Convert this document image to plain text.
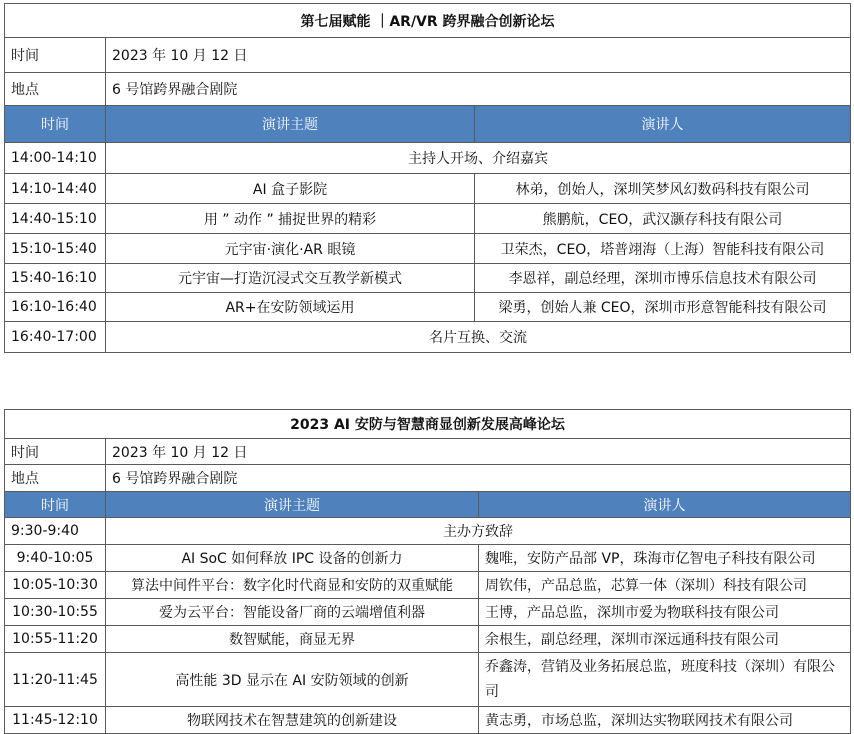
第七届赋能 ｜AR/VR 跨界融合创新论坛		
时间	2023 年 10 月 12 日	
地点	6 号馆跨界融合剧院	
时间	演讲主题	演讲人
14:00-14:10	主持人开场、介绍嘉宾	
14:10-14:40	AI 盒子影院	林弟，创始人，深圳笑梦风幻数码科技有限公司
14:40-15:10	用 ” 动作 ” 捕捉世界的精彩	熊鹏航，CEO，武汉灏存科技有限公司
15:10-15:40	元宇宙·演化·AR 眼镜	卫荣杰，CEO，塔普翊海（上海）智能科技有限公司
15:40-16:10	元宇宙—打造沉浸式交互教学新模式	李恩祥，副总经理，深圳市博乐信息技术有限公司
16:10-16:40	AR+在安防领域运用	梁勇，创始人兼 CEO，深圳市形意智能科技有限公司
16:40-17:00	名片互换、交流	
2023 AI 安防与智慧商显创新发展高峰论坛		
时间	2023 年 10 月 12 日	
地点	6 号馆跨界融合剧院	
时间	演讲主题	演讲人
9:30-9:40	主办方致辞	
9:40-10:05	AI SoC 如何释放 IPC 设备的创新力	魏唯，安防产品部 VP，珠海市亿智电子科技有限公司
10:05-10:30	算法中间件平台：数字化时代商显和安防的双重赋能	周钦伟，产品总监，芯算一体（深圳）科技有限公司
10:30-10:55	爱为云平台：智能设备厂商的云端增值利器	王博，产品总监，深圳市爱为物联科技有限公司
10:55-11:20	数智赋能，商显无界	余根生，副总经理，深圳市深远通科技有限公司
11:20-11:45	高性能 3D 显示在 AI 安防领域的创新	乔鑫涛，营销及业务拓展总监，班度科技（深圳）有限公司
11:45-12:10	物联网技术在智慧建筑的创新建设	黄志勇，市场总监，深圳达实物联网技术有限公司
